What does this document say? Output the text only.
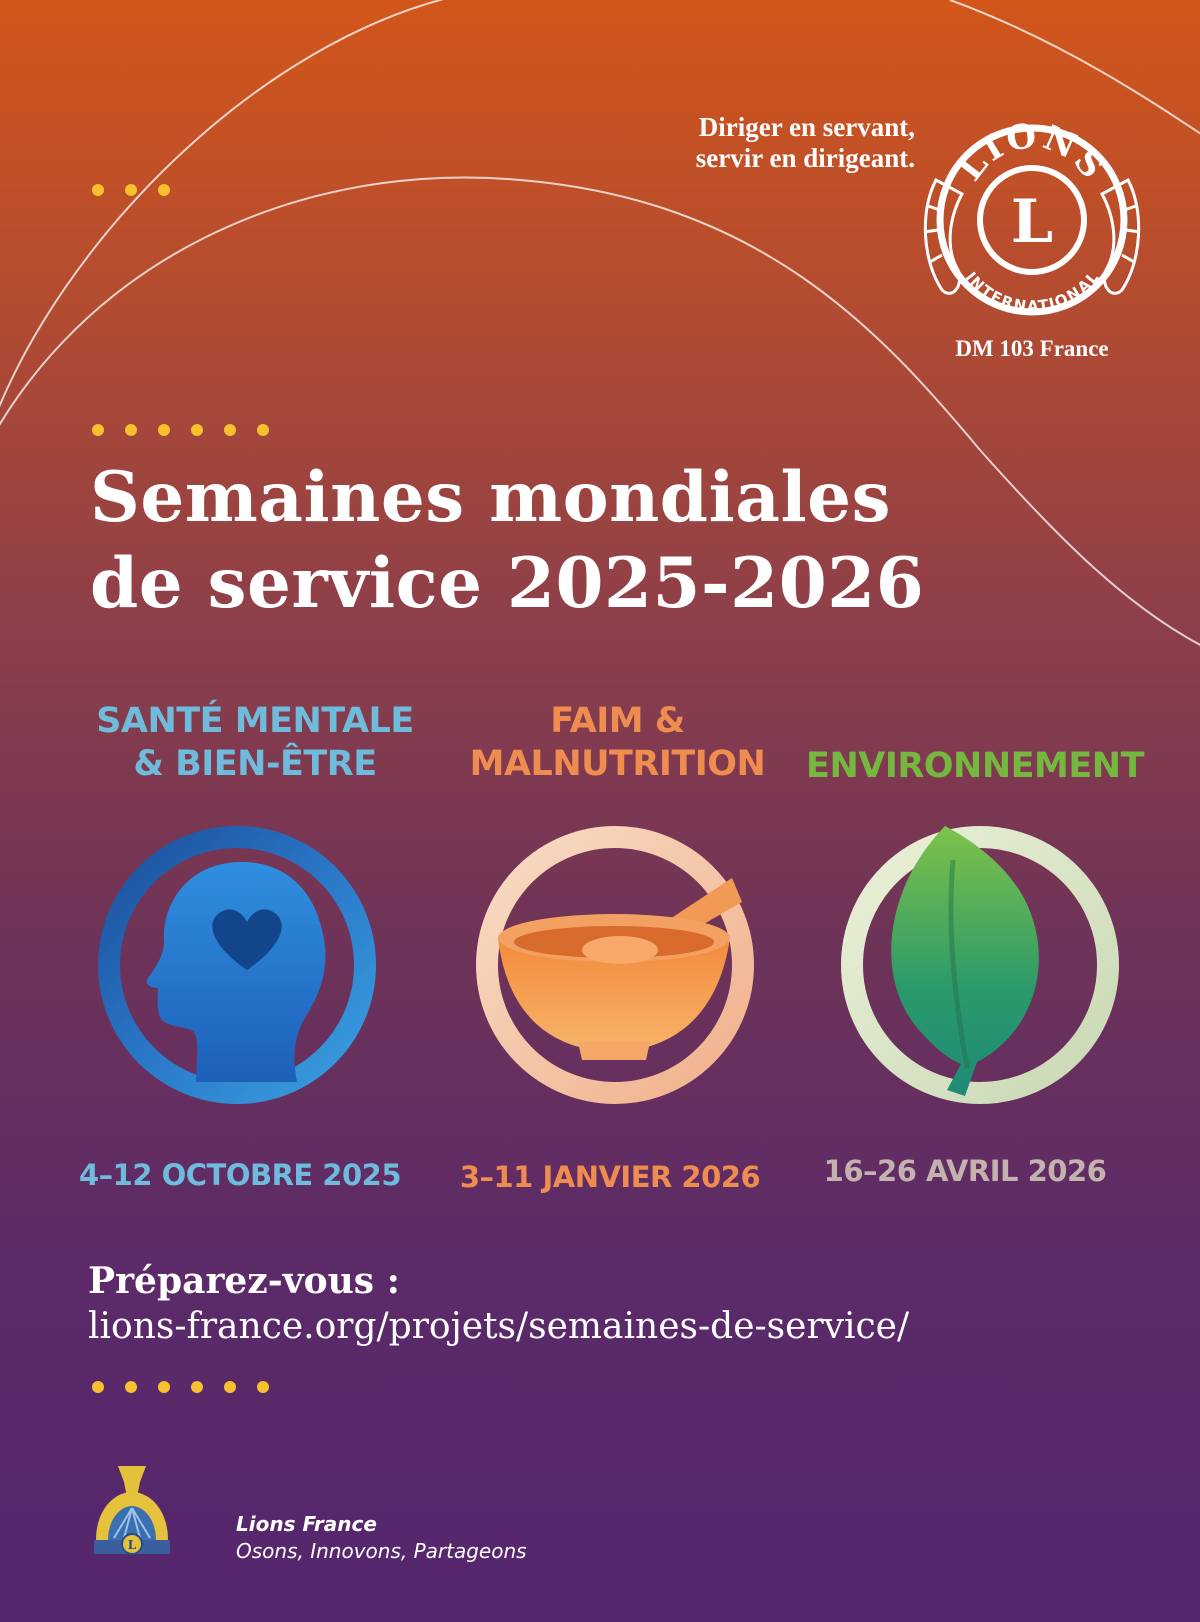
Diriger en servant,
servir en dirigeant. LIONS
INTERNATIONAL
L
DM 103 France
Semaines mondiales
de service 2025-2026
SANTÉ MENTALE
& BIEN-ÊTRE
FAIM &
MALNUTRITION	ENVIRONNEMENT
4–12 OCTOBRE 2025	3–11 JANVIER 2026	16–26 AVRIL 2026
Préparez-vous :
lions-france.org/projets/semaines-de-service/
L
Lions France
Osons, Innovons, Partageons
